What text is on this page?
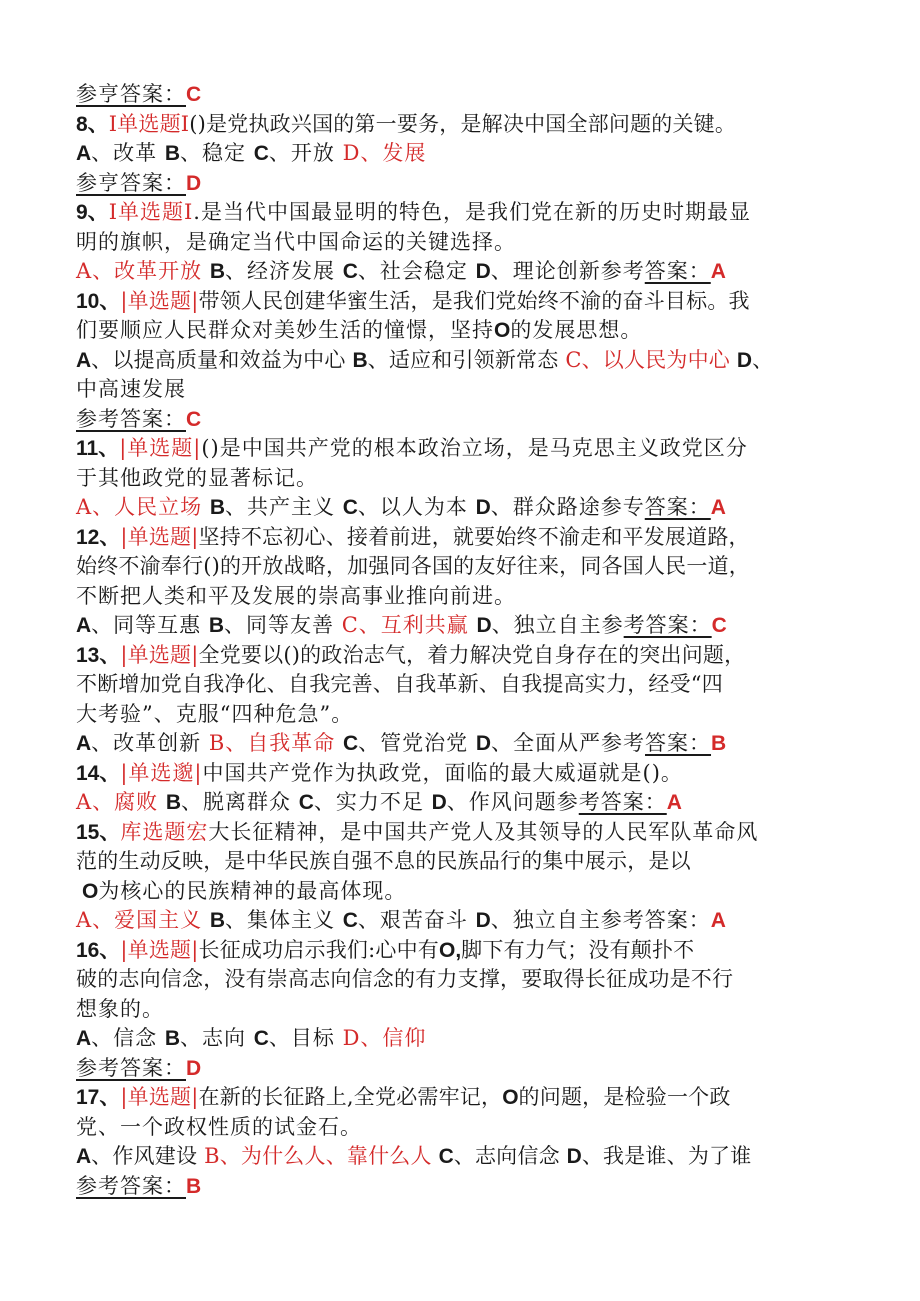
参亨答案：C
8、I单选题I()是党执政兴国的第一要务，是解决中国全部问题的关键。
A、改革 B、稳定 C、开放 D、发展
参亨答案：D
9、I单选题I.是当代中国最显明的特色，是我们党在新的历史时期最显
明的旗帜，是确定当代中国命运的关键选择。
A、改革开放 B、经济发展 C、社会稳定 D、理论创新参考答案：A
10、|单选题|带领人民创建华蜜生活，是我们党始终不渝的奋斗目标。我
们要顺应人民群众对美妙生活的憧憬，坚持O的发展思想。
A、以提高质量和效益为中心 B、适应和引领新常态 C、以人民为中心 D、
中高速发展
参考答案：C
11、|单选题|()是中国共产党的根本政治立场，是马克思主义政党区分
于其他政党的显著标记。
A、人民立场 B、共产主义 C、以人为本 D、群众路途参专答案：A
12、|单选题|坚持不忘初心、接着前进，就要始终不渝走和平发展道路，
始终不渝奉行()的开放战略，加强同各国的友好往来，同各国人民一道，
不断把人类和平及发展的崇高事业推向前进。
A、同等互惠 B、同等友善 C、互利共赢 D、独立自主参考答案：C
13、|单选题|全党要以()的政治志气，着力解决党自身存在的突出问题，
不断增加党自我净化、自我完善、自我革新、自我提高实力，经受“四
大考验”、克服“四种危急”。
A、改革创新 B、自我革命 C、管党治党 D、全面从严参考答案：B
14、|单选邈|中国共产党作为执政党，面临的最大威逼就是()。
A、腐败 B、脱离群众 C、实力不足 D、作风问题参考答案：A
15、库选题宏大长征精神，是中国共产党人及其领导的人民军队革命风
范的生动反映，是中华民族自强不息的民族品行的集中展示，是以
O为核心的民族精神的最高体现。
A、爱国主义 B、集体主义 C、艰苦奋斗 D、独立自主参考答案：A
16、|单选题|长征成功启示我们:心中有O,脚下有力气；没有颠扑不
破的志向信念，没有崇高志向信念的有力支撑，要取得长征成功是不行
想象的。
A、信念 B、志向 C、目标 D、信仰
参考答案：D
17、|单选题|在新的长征路上,全党必需牢记，O的问题，是检验一个政
党、一个政权性质的试金石。
A、作风建设 B、为什么人、靠什么人 C、志向信念 D、我是谁、为了谁
参考答案：B
